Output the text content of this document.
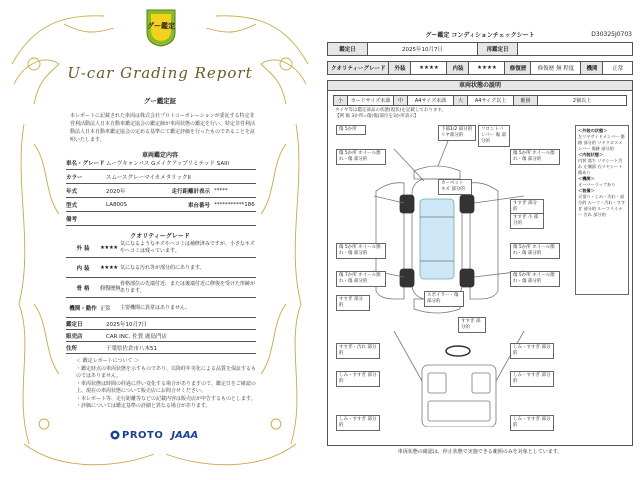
グー鑑定
U-car Grading Report
グー鑑定証
本レポートに記載された車両は株式会社プロトコーポレーションが委託する特定非営利活動法人日本自動車鑑定協会の鑑定師が車両状態の鑑定を行い、特定非営利活動法人日本自動車鑑定協会の定める基準にて鑑定評価を行ったものであることを証明いたします。
車両鑑定内容
車名・グレード ムーヴキャンバス Gメイクアップリミテッド SAIII
カラー	スムースグレーマイカメタリックII
年式	2020年	走行距離計表示 *****
型式	LA800S	車台番号 ***********186
備考
クオリティーグレード
外 装	★★★★
気になるようなキズやヘコミは補修済みですが、小さなキズやヘコミは残っています。
内 装	★★★★ 気になる汚れ等が部分的にあります。
骨 格	修復歴無
骨格部位の先端付近、または後端付近に修復を受けた形跡があります。
機関・動作 正常	主要機関に異常はありません。
鑑定日	2025年10月7日
販売店	CAR INC. 佐賀 鹿島門店
住所	千葉県佐倉市八木51
＜ 鑑定レポートについて ＞
・鑑定時点の車両状態を示すものであり、以降経年劣化による品質を保証するものではありません。
・車両状態は時間の経過に伴い変化する場合がありますので、鑑定日をご確認の上、現在の車両状態について販売店にお問合せください。
・本レポート等、走行距離等などの記載内容は販売店が申告するものとします。
・評価については鑑定基準の詳細と異なる場合があります。
PROTO JAAA
グー鑑定 コンディションチェックシート	D30325J0703
鑑定日	2025年10月7日	再鑑定日	
クオリティーグレード	外装	★★★★	内装	★★★★	修復歴	修復歴 無 程度	機関	正常
車両状態の説明
小	カードサイズ未満	中	A4サイズ未満	大	A4サイズ以上	範囲	2個以上
タイヤ等は鑑定部品の状態(現状)を記載しております。
【例 傷 3か所=傷(傷)部位を3か所表示】
下部1/2 部分的 リヤ部分的
フロントバンパー 傷 部分的
傷 5か所
傷 5か所 ホイール擦れ・傷 部分的
傷 5か所 ホイール擦れ・傷 部分的
傷 5か所 ホイール擦れ・傷 部分的
傷 5か所 ホイール擦れ・傷 部分的
カーペット キズ 部分的
すすぎ 部分的
すすぎ 小 部分的
スポイラー・傷 部分的
傷 7か所 ホイール擦れ・傷 部分的
傷 5か所 ホイール擦れ・傷 部分的
すすぎ 部分的
すすぎ 部分的
すすぎ・汚れ 部分的
しみ・すすぎ 部分的
しみ・すすぎ 部分的
しみ・すすぎ 部分的
しみ・すすぎ 部分的
しみ・すすぎ 部分的
＜外装の状態＞
左リヤサイドメンバー 傷跡 部分的 リヤクロスメンバー 傷跡 部分的
＜内装状態＞
内装 落ち リヤシート汚れ 左側面 右リヤシート 傷あり
＜機関＞
オーバーラップあり
＜装備＞
天張り・しみ・汚れ・部分的 ルーフ・汚れ・すすぎ 部分的 ルーフライナー 汚れ 部分的
車両状態の確認は、停止状態で実施できる範囲のみを対象としています。
